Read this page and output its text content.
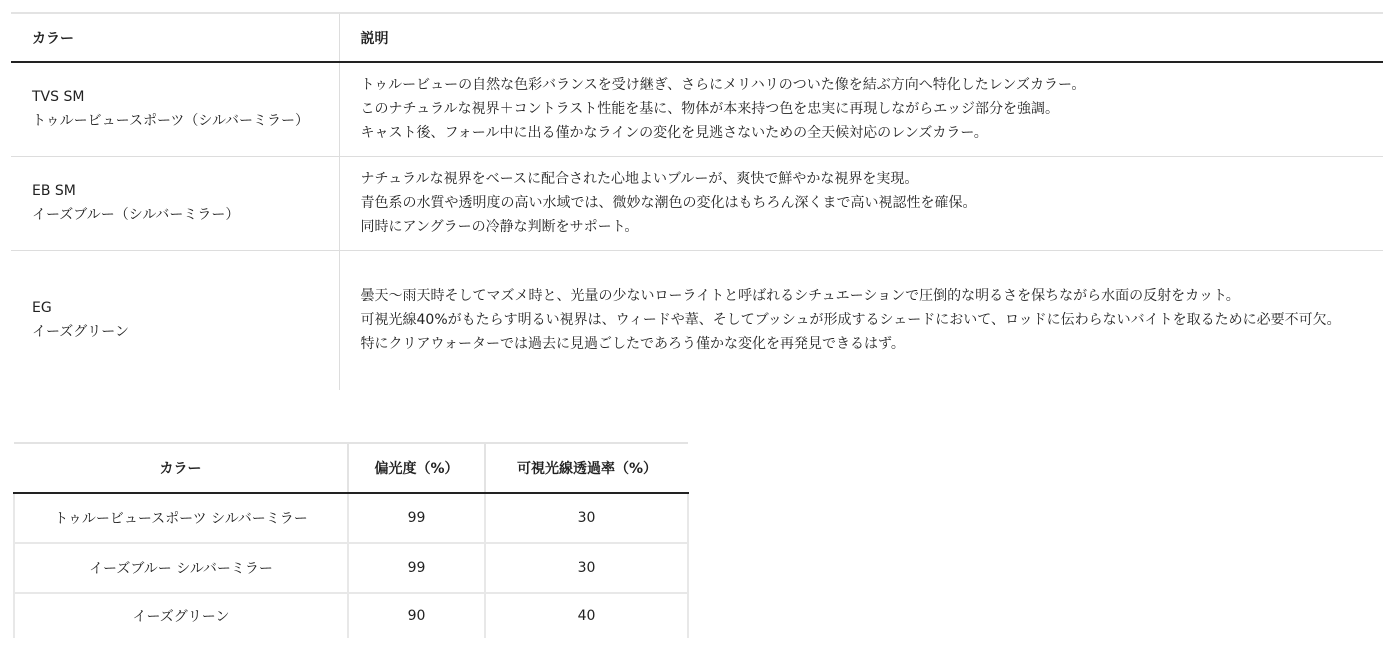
カラー	説明

TVS SM
トゥルービュースポーツ（シルバーミラー）	トゥルービューの自然な色彩バランスを受け継ぎ、さらにメリハリのついた像を結ぶ方向へ特化したレンズカラー。
このナチュラルな視界＋コントラスト性能を基に、物体が本来持つ色を忠実に再現しながらエッジ部分を強調。
キャスト後、フォール中に出る僅かなラインの変化を見逃さないための全天候対応のレンズカラー。

EB SM
イーズブルー（シルバーミラー）	ナチュラルな視界をベースに配合された心地よいブルーが、爽快で鮮やかな視界を実現。
青色系の水質や透明度の高い水域では、微妙な潮色の変化はもちろん深くまで高い視認性を確保。
同時にアングラーの冷静な判断をサポート。

EG
イーズグリーン	曇天〜雨天時そしてマズメ時と、光量の少ないローライトと呼ばれるシチュエーションで圧倒的な明るさを保ちながら水面の反射をカット。
可視光線40%がもたらす明るい視界は、ウィードや葦、そしてブッシュが形成するシェードにおいて、ロッドに伝わらないバイトを取るために必要不可欠。
特にクリアウォーターでは過去に見過ごしたであろう僅かな変化を再発見できるはず。
カラー	偏光度（%）	可視光線透過率（%）
トゥルービュースポーツ シルバーミラー	99	30
イーズブルー シルバーミラー	99	30
イーズグリーン	90	40
